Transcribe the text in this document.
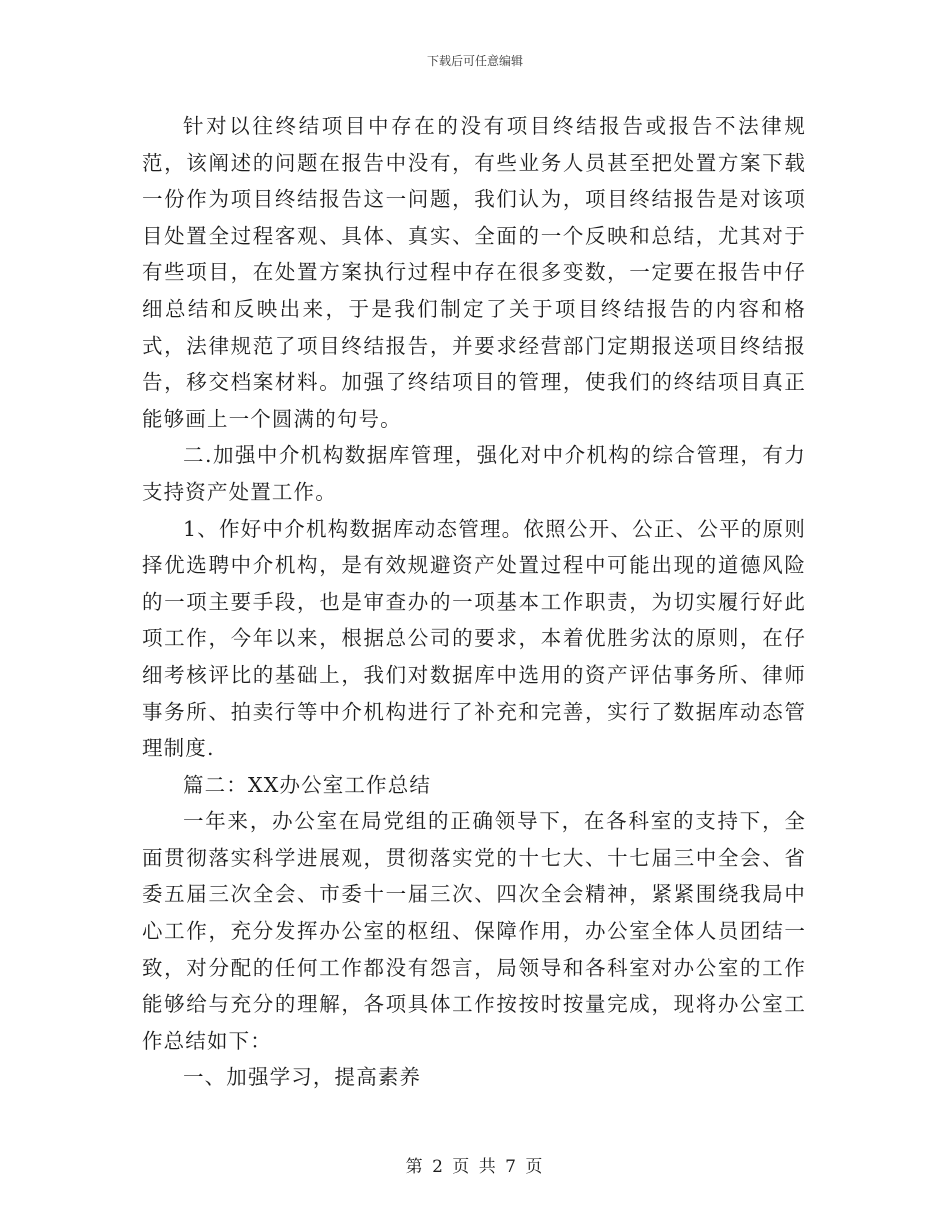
下载后可任意编辑

针对以往终结项目中存在的没有项目终结报告或报告不法律规范，该阐述的问题在报告中没有，有些业务人员甚至把处置方案下载一份作为项目终结报告这一问题，我们认为，项目终结报告是对该项目处置全过程客观、具体、真实、全面的一个反映和总结，尤其对于有些项目，在处置方案执行过程中存在很多变数，一定要在报告中仔细总结和反映出来，于是我们制定了关于项目终结报告的内容和格式，法律规范了项目终结报告，并要求经营部门定期报送项目终结报告，移交档案材料。加强了终结项目的管理，使我们的终结项目真正能够画上一个圆满的句号。

二.加强中介机构数据库管理，强化对中介机构的综合管理，有力支持资产处置工作。

1、作好中介机构数据库动态管理。依照公开、公正、公平的原则择优选聘中介机构，是有效规避资产处置过程中可能出现的道德风险的一项主要手段，也是审查办的一项基本工作职责，为切实履行好此项工作，今年以来，根据总公司的要求，本着优胜劣汰的原则，在仔细考核评比的基础上，我们对数据库中选用的资产评估事务所、律师事务所、拍卖行等中介机构进行了补充和完善，实行了数据库动态管理制度.

篇二：XX办公室工作总结

一年来，办公室在局党组的正确领导下，在各科室的支持下，全面贯彻落实科学进展观，贯彻落实党的十七大、十七届三中全会、省委五届三次全会、市委十一届三次、四次全会精神，紧紧围绕我局中心工作，充分发挥办公室的枢纽、保障作用，办公室全体人员团结一致，对分配的任何工作都没有怨言，局领导和各科室对办公室的工作能够给与充分的理解，各项具体工作按按时按量完成，现将办公室工作总结如下：

一、加强学习，提高素养

第 2 页 共 7 页
